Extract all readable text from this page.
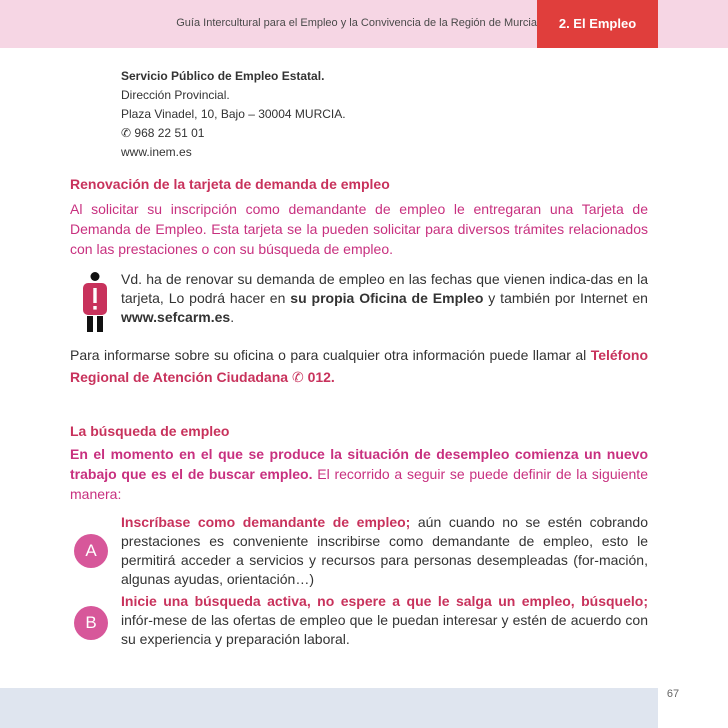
Guía Intercultural para el Empleo y la Convivencia de la Región de Murcia	2. El Empleo
Servicio Público de Empleo Estatal.
Dirección Provincial.
Plaza Vinadel, 10, Bajo – 30004 MURCIA.
✆ 968 22 51 01
www.inem.es
Renovación de la tarjeta de demanda de empleo
Al solicitar su inscripción como demandante de empleo le entregaran una Tarjeta de Demanda de Empleo. Esta tarjeta se la pueden solicitar para diversos trámites relacionados con las prestaciones o con su búsqueda de empleo.
Vd. ha de renovar su demanda de empleo en las fechas que vienen indica-das en la tarjeta, Lo podrá hacer en su propia Oficina de Empleo y también por Internet en www.sefcarm.es.
Para informarse sobre su oficina o para cualquier otra información puede llamar al Teléfono Regional de Atención Ciudadana ✆ 012.
La búsqueda de empleo
En el momento en el que se produce la situación de desempleo comienza un nuevo trabajo que es el de buscar empleo. El recorrido a seguir se puede definir de la siguiente manera:
A
Inscríbase como demandante de empleo; aún cuando no se estén cobrando prestaciones es conveniente inscribirse como demandante de empleo, esto le permitirá acceder a servicios y recursos para personas desempleadas (for-mación, algunas ayudas, orientación…)
B
Inicie una búsqueda activa, no espere a que le salga un empleo, búsquelo; infór-mese de las ofertas de empleo que le puedan interesar y estén de acuerdo con su experiencia y preparación laboral.
67
